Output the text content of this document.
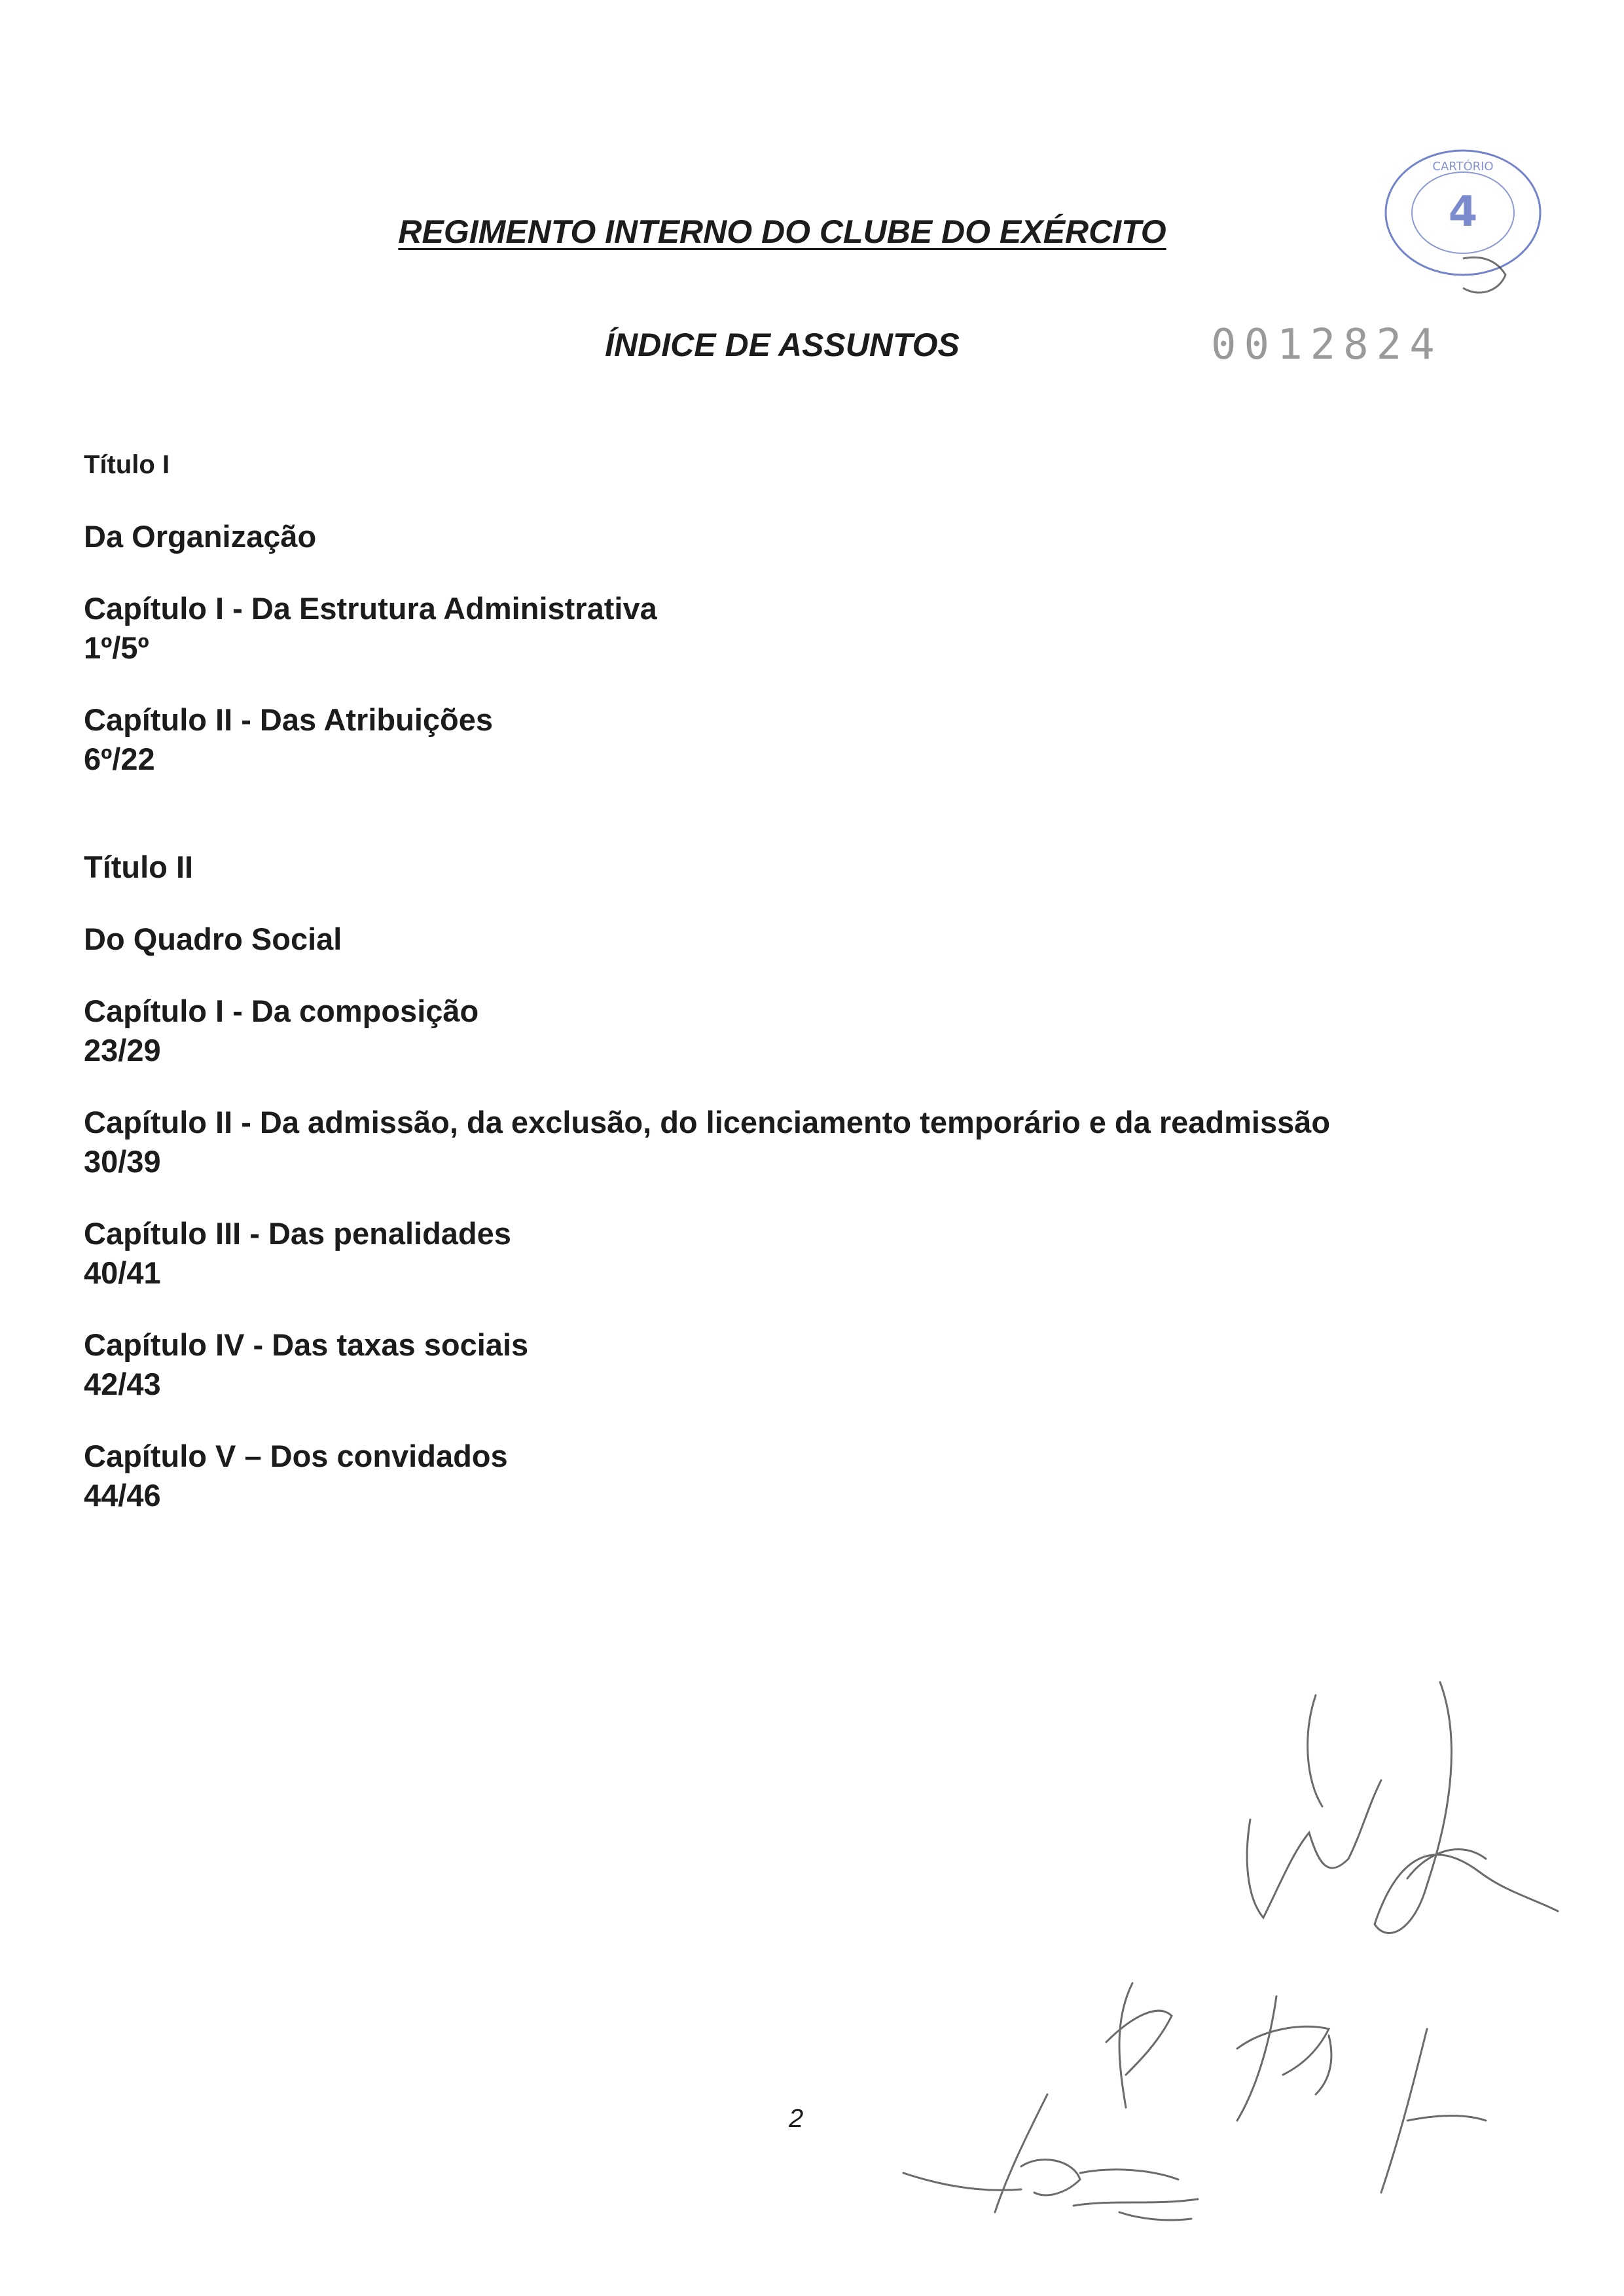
REGIMENTO INTERNO DO CLUBE DO EXÉRCITO
ÍNDICE DE ASSUNTOS	0012824
4
CARTÓRIO
Título I
Da Organização
Capítulo I - Da Estrutura Administrativa
1º/5º
Capítulo II - Das Atribuições
6º/22
Título II
Do Quadro Social
Capítulo I - Da composição
23/29
Capítulo II - Da admissão, da exclusão, do licenciamento temporário e da readmissão
30/39
Capítulo III - Das penalidades
40/41
Capítulo IV - Das taxas sociais
42/43
Capítulo V – Dos convidados
44/46
2
